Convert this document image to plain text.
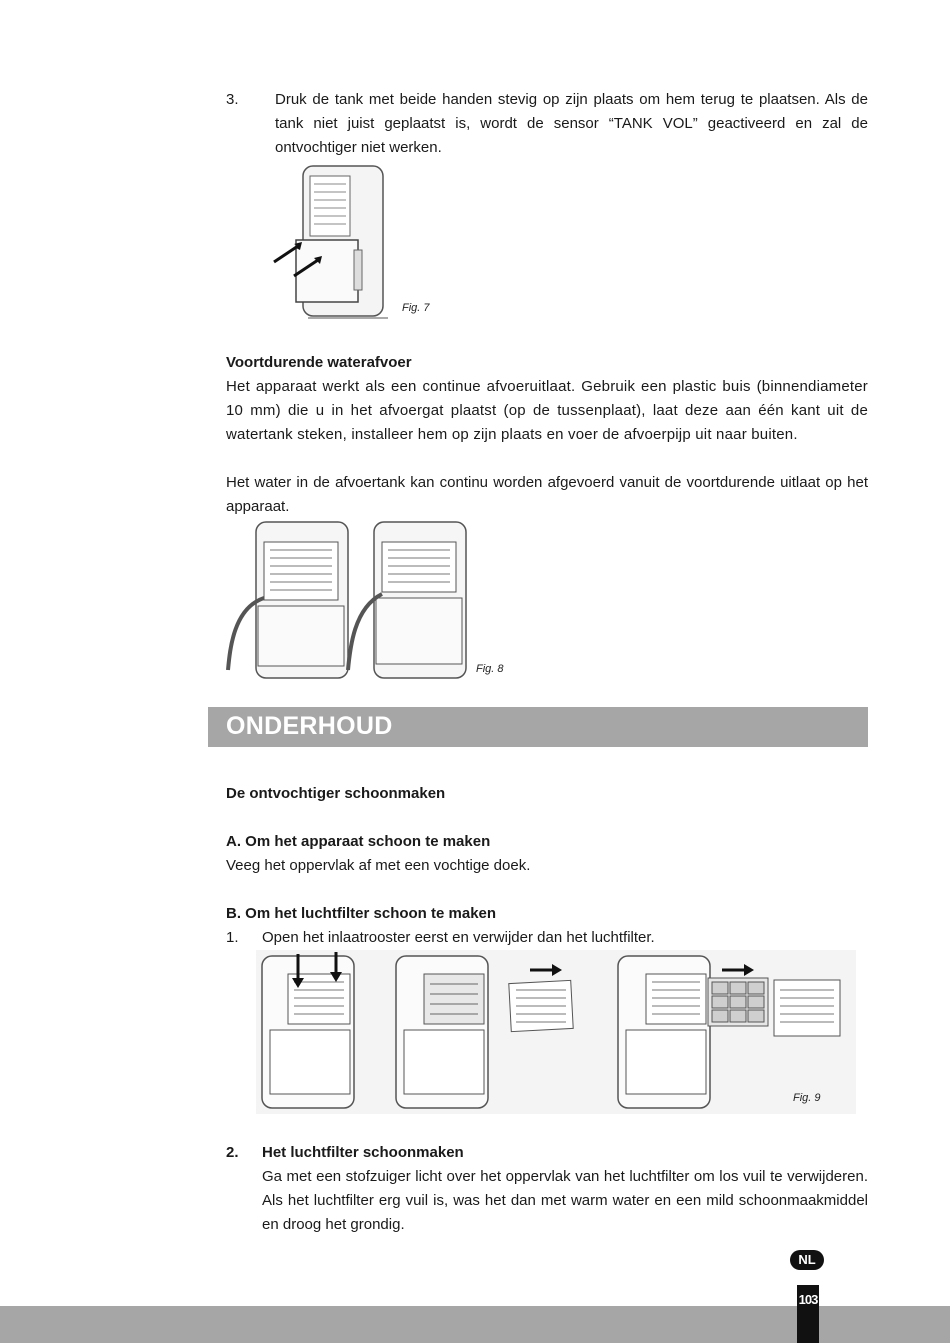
3. Druk de tank met beide handen stevig op zijn plaats om hem terug te plaatsen. Als de tank niet juist geplaatst is, wordt de sensor “TANK VOL” geactiveerd en zal de ontvochtiger niet werken.

Fig. 7
Voortdurende waterafvoer

Het apparaat werkt als een continue afvoeruitlaat. Gebruik een plastic buis (binnendiameter 10 mm) die u in het afvoergat plaatst (op de tussenplaat), laat deze aan één kant uit de watertank steken, installeer hem op zijn plaats en voer de afvoerpijp uit naar buiten.

Het water in de afvoertank kan continu worden afgevoerd vanuit de voortdurende uitlaat op het apparaat.

Fig. 8
ONDERHOUD
De ontvochtiger schoonmaken
A. Om het apparaat schoon te maken
Veeg het oppervlak af met een vochtige doek.
B. Om het luchtfilter schoon te maken
1. Open het inlaatrooster eerst en verwijder dan het luchtfilter.
Fig. 9
2. Het luchtfilter schoonmaken

Ga met een stofzuiger licht over het oppervlak van het luchtfilter om los vuil te verwijderen. Als het luchtfilter erg vuil is, was het dan met warm water en een mild schoonmaakmiddel en droog het grondig.

NL
103
